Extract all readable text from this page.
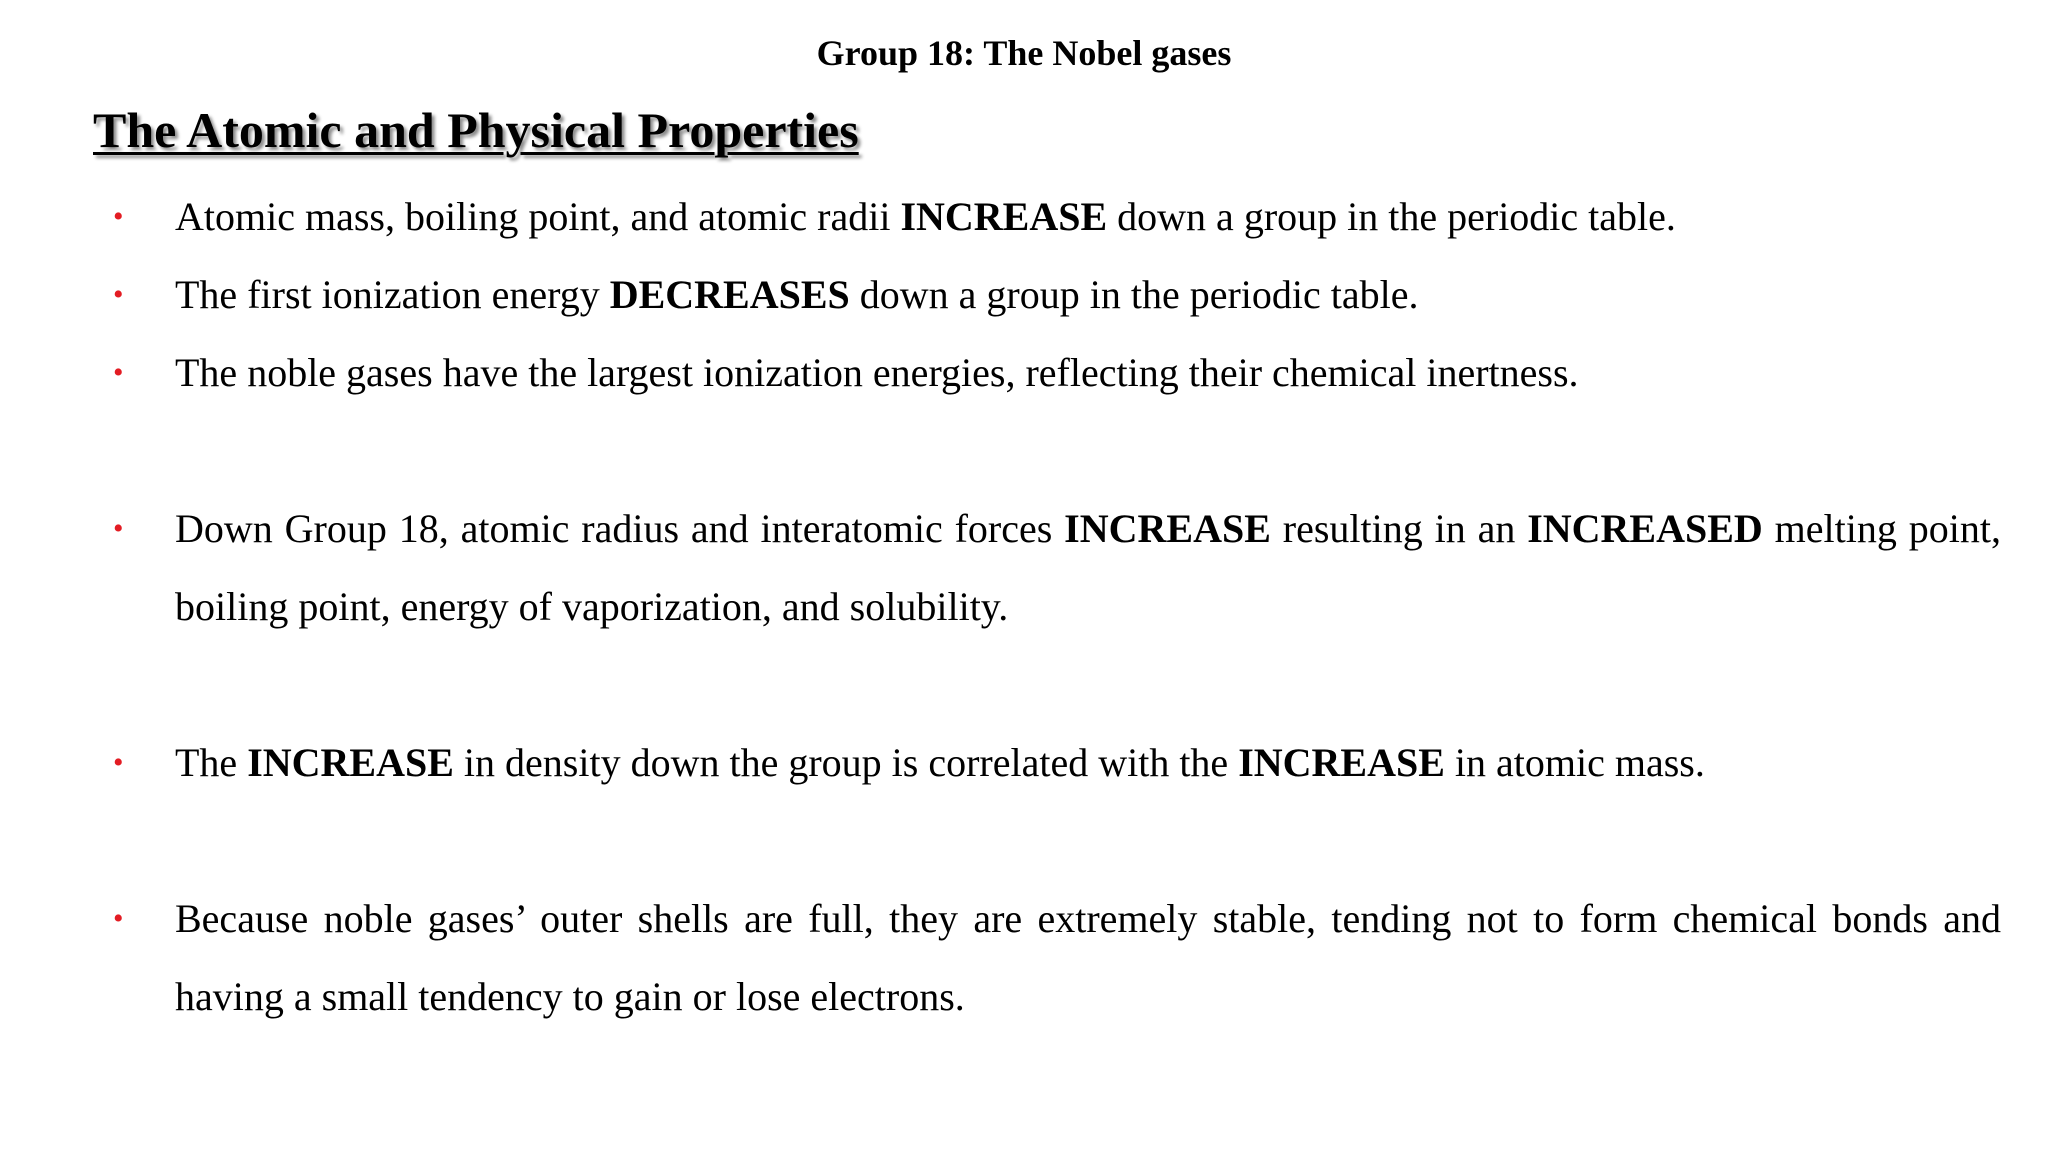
Group 18: The Nobel gases
The Atomic and Physical Properties
• Atomic mass, boiling point, and atomic radii INCREASE down a group in the periodic table.
• The first ionization energy DECREASES down a group in the periodic table.
• The noble gases have the largest ionization energies, reflecting their chemical inertness.
• Down Group 18, atomic radius and interatomic forces INCREASE resulting in an INCREASED melting point, boiling point, energy of vaporization, and solubility.
• The INCREASE in density down the group is correlated with the INCREASE in atomic mass.
• Because noble gases’ outer shells are full, they are extremely stable, tending not to form chemical bonds and having a small tendency to gain or lose electrons.
